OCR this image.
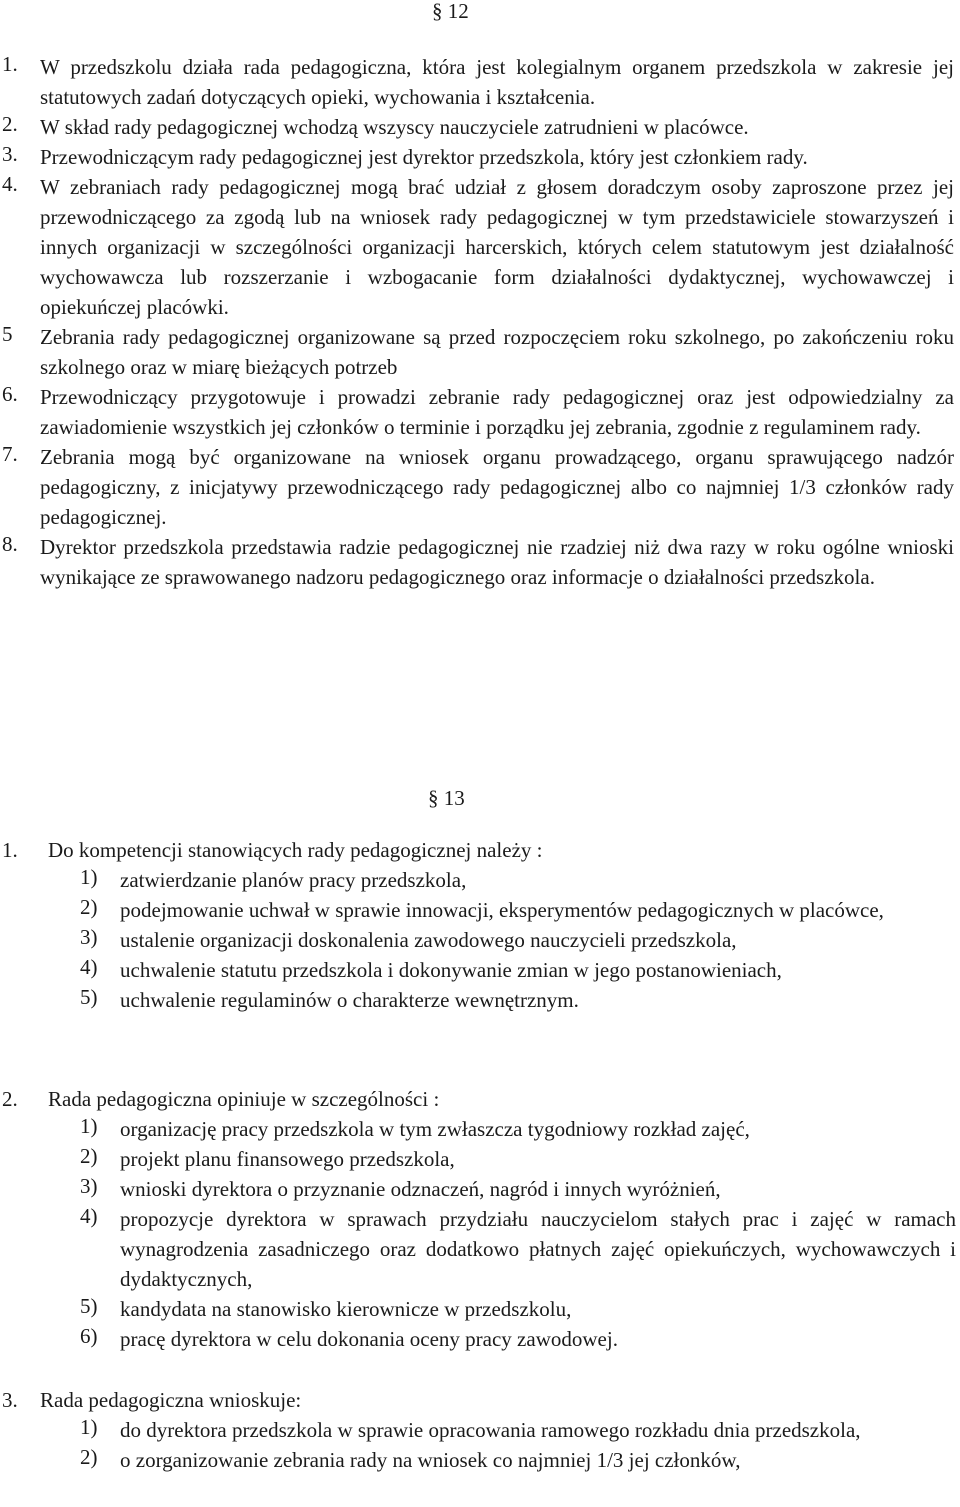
§ 12
1. W przedszkolu działa rada pedagogiczna, która jest kolegialnym organem przedszkola w zakresie jej statutowych zadań dotyczących opieki, wychowania i kształcenia.
2. W skład rady pedagogicznej wchodzą wszyscy nauczyciele zatrudnieni w placówce.
3. Przewodniczącym rady pedagogicznej jest dyrektor przedszkola, który jest członkiem rady.
4. W zebraniach rady pedagogicznej mogą brać udział z głosem doradczym osoby zaproszone przez jej przewodniczącego za zgodą lub na wniosek rady pedagogicznej w tym przedstawiciele stowarzyszeń i innych organizacji w szczególności organizacji harcerskich, których celem statutowym jest działalność wychowawcza lub rozszerzanie i wzbogacanie form działalności dydaktycznej, wychowawczej i opiekuńczej placówki.
5 Zebrania rady pedagogicznej organizowane są przed rozpoczęciem roku szkolnego, po zakończeniu roku szkolnego oraz w miarę bieżących potrzeb
6. Przewodniczący przygotowuje i prowadzi zebranie rady pedagogicznej oraz jest odpowiedzialny za zawiadomienie wszystkich jej członków o terminie i porządku jej zebrania, zgodnie z regulaminem rady.
7. Zebrania mogą być organizowane na wniosek organu prowadzącego, organu sprawującego nadzór pedagogiczny, z inicjatywy przewodniczącego rady pedagogicznej albo co najmniej 1/3 członków rady pedagogicznej.
8. Dyrektor przedszkola przedstawia radzie pedagogicznej nie rzadziej niż dwa razy w roku ogólne wnioski wynikające ze sprawowanego nadzoru pedagogicznego oraz informacje o działalności przedszkola.
§ 13
1. Do kompetencji stanowiących rady pedagogicznej należy :
1) zatwierdzanie planów pracy przedszkola,
2) podejmowanie uchwał w sprawie innowacji, eksperymentów pedagogicznych w placówce,
3) ustalenie organizacji doskonalenia zawodowego nauczycieli przedszkola,
4) uchwalenie statutu przedszkola i dokonywanie zmian w jego postanowieniach,
5) uchwalenie regulaminów o charakterze wewnętrznym.
2. Rada pedagogiczna opiniuje w szczególności :
1) organizację pracy przedszkola w tym zwłaszcza tygodniowy rozkład zajęć,
2) projekt planu finansowego przedszkola,
3) wnioski dyrektora o przyznanie odznaczeń, nagród i innych wyróżnień,
4) propozycje dyrektora w sprawach przydziału nauczycielom stałych prac i zajęć w ramach wynagrodzenia zasadniczego oraz dodatkowo płatnych zajęć opiekuńczych, wychowawczych i dydaktycznych,
5) kandydata na stanowisko kierownicze w przedszkolu,
6) pracę dyrektora w celu dokonania oceny pracy zawodowej.
3. Rada pedagogiczna wnioskuje:
1) do dyrektora przedszkola w sprawie opracowania ramowego rozkładu dnia przedszkola,
2) o zorganizowanie zebrania rady na wniosek co najmniej 1/3 jej członków,
